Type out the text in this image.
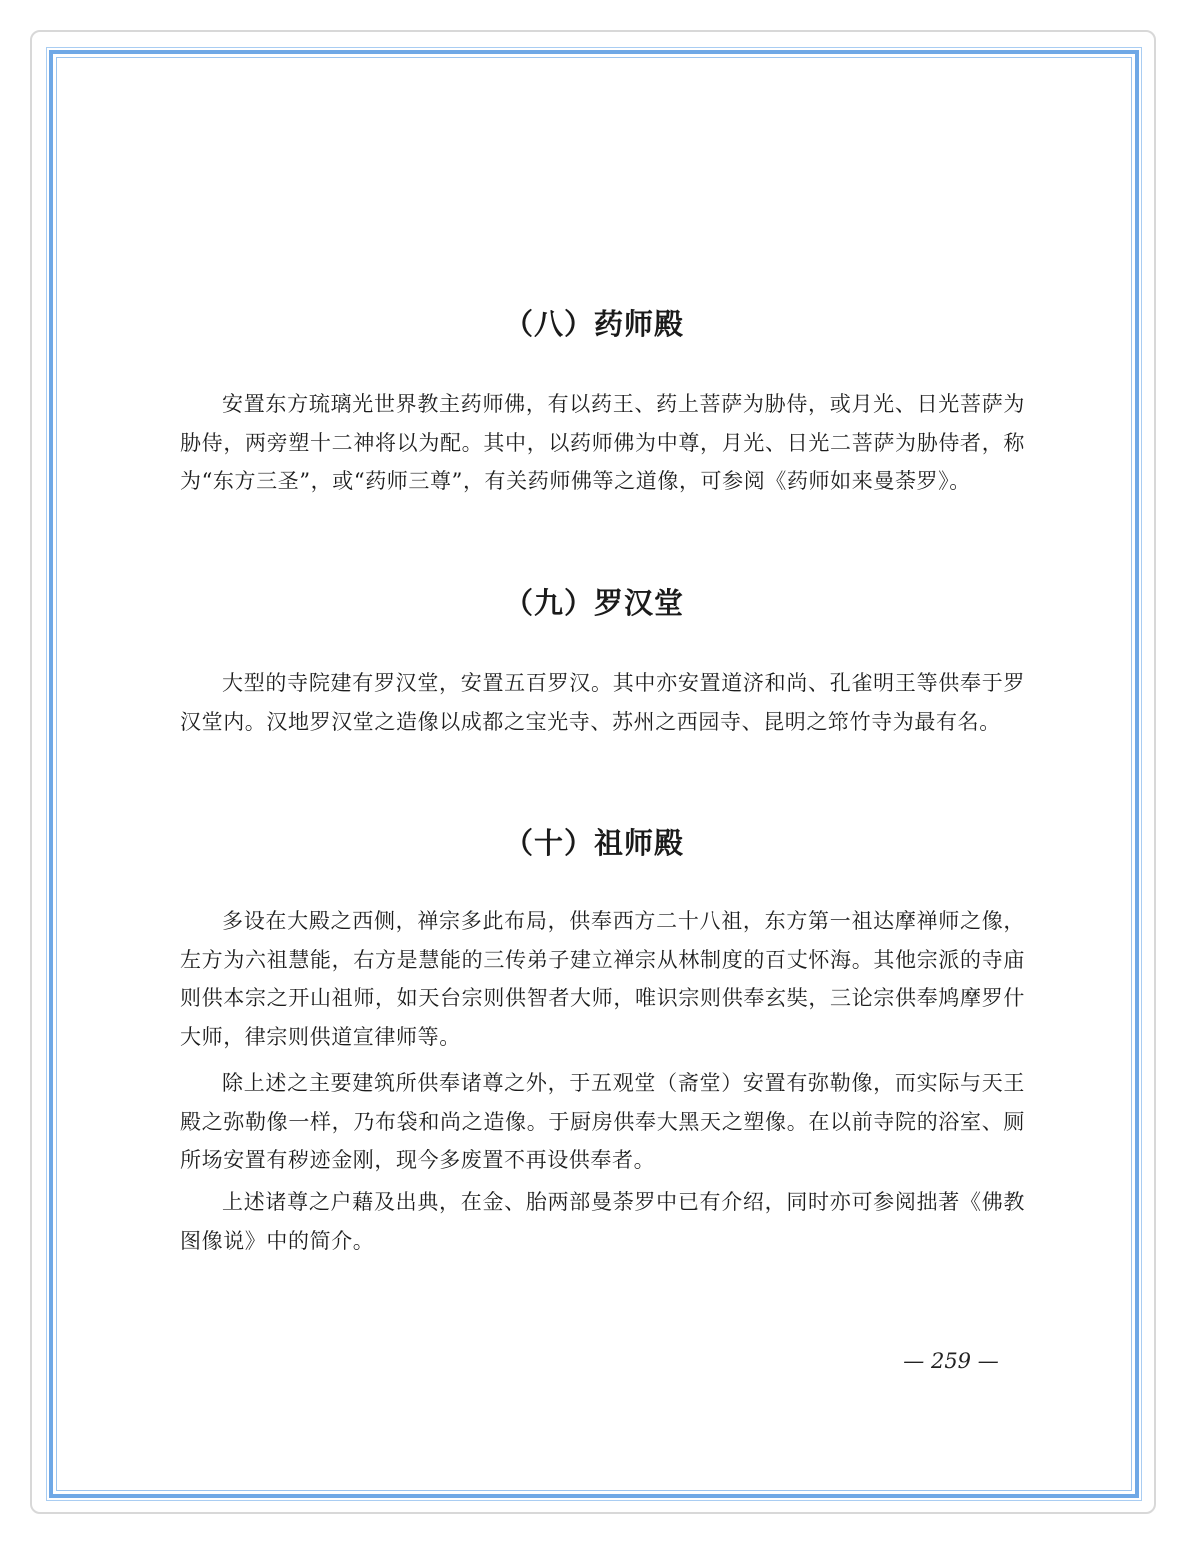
（八）药师殿

安置东方琉璃光世界教主药师佛，有以药王、药上菩萨为胁侍，或月光、日光菩萨为胁侍，两旁塑十二神将以为配。其中，以药师佛为中尊，月光、日光二菩萨为胁侍者，称为“东方三圣”，或“药师三尊”，有关药师佛等之道像，可参阅《药师如来曼荼罗》。

（九）罗汉堂

大型的寺院建有罗汉堂，安置五百罗汉。其中亦安置道济和尚、孔雀明王等供奉于罗汉堂内。汉地罗汉堂之造像以成都之宝光寺、苏州之西园寺、昆明之筇竹寺为最有名。

（十）祖师殿

多设在大殿之西侧，禅宗多此布局，供奉西方二十八祖，东方第一祖达摩禅师之像，左方为六祖慧能，右方是慧能的三传弟子建立禅宗从林制度的百丈怀海。其他宗派的寺庙则供本宗之开山祖师，如天台宗则供智者大师，唯识宗则供奉玄奘，三论宗供奉鸠摩罗什大师，律宗则供道宣律师等。

除上述之主要建筑所供奉诸尊之外，于五观堂（斋堂）安置有弥勒像，而实际与天王殿之弥勒像一样，乃布袋和尚之造像。于厨房供奉大黑天之塑像。在以前寺院的浴室、厕所场安置有秽迹金刚，现今多废置不再设供奉者。

上述诸尊之户藉及出典，在金、胎两部曼荼罗中已有介绍，同时亦可参阅拙著《佛教图像说》中的简介。

— 259 —
